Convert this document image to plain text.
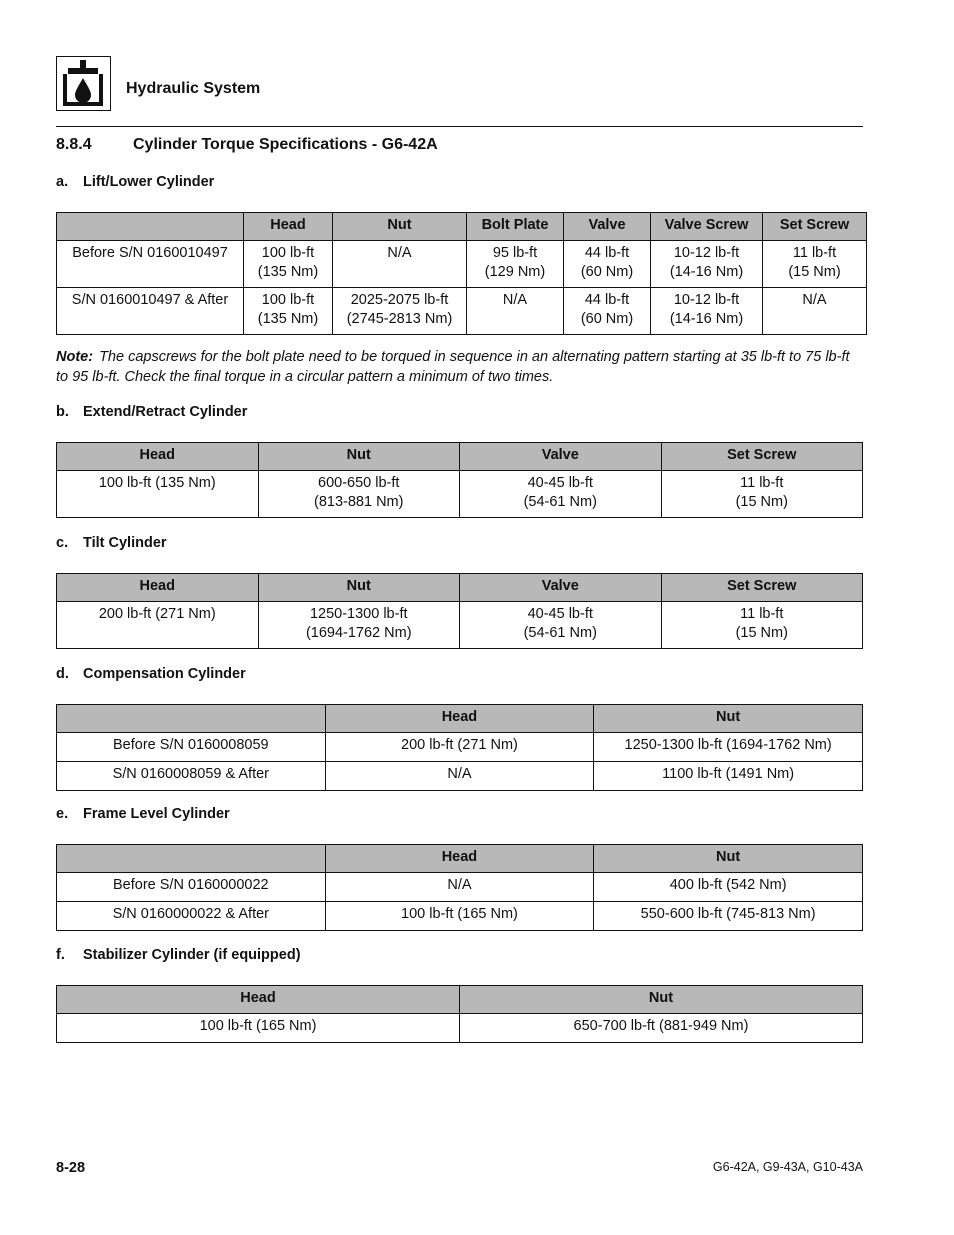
Hydraulic System
8.8.4	Cylinder Torque Specifications - G6-42A
a. Lift/Lower Cylinder
	Head	Nut	Bolt Plate	Valve	Valve Screw	Set Screw

Before S/N 0160010497	100 lb-ft
(135 Nm)	N/A	95 lb-ft
(129 Nm)	44 lb-ft
(60 Nm)	10-12 lb-ft
(14-16 Nm)	11 lb-ft
(15 Nm)

S/N 0160010497 & After	100 lb-ft
(135 Nm)	2025-2075 lb-ft
(2745-2813 Nm)	N/A	44 lb-ft
(60 Nm)	10-12 lb-ft
(14-16 Nm)	N/A
Note: The capscrews for the bolt plate need to be torqued in sequence in an alternating pattern starting at 35 lb-ft to 75 lb-ft to 95 lb-ft. Check the final torque in a circular pattern a minimum of two times.
b. Extend/Retract Cylinder
Head	Nut	Valve	Set Screw

100 lb-ft (135 Nm)	600-650 lb-ft
(813-881 Nm)	40-45 lb-ft
(54-61 Nm)	11 lb-ft
(15 Nm)
c. Tilt Cylinder
Head	Nut	Valve	Set Screw

200 lb-ft (271 Nm)	1250-1300 lb-ft
(1694-1762 Nm)	40-45 lb-ft
(54-61 Nm)	11 lb-ft
(15 Nm)
d. Compensation Cylinder
	Head	Nut

Before S/N 0160008059	200 lb-ft (271 Nm)	1250-1300 lb-ft (1694-1762 Nm)

S/N 0160008059 & After	N/A	1100 lb-ft (1491 Nm)
e. Frame Level Cylinder
	Head	Nut

Before S/N 0160000022	N/A	400 lb-ft (542 Nm)

S/N 0160000022 & After	100 lb-ft (165 Nm)	550-600 lb-ft (745-813 Nm)
f. Stabilizer Cylinder (if equipped)
Head	Nut

100 lb-ft (165 Nm)	650-700 lb-ft (881-949 Nm)
8-28	G6-42A, G9-43A, G10-43A
